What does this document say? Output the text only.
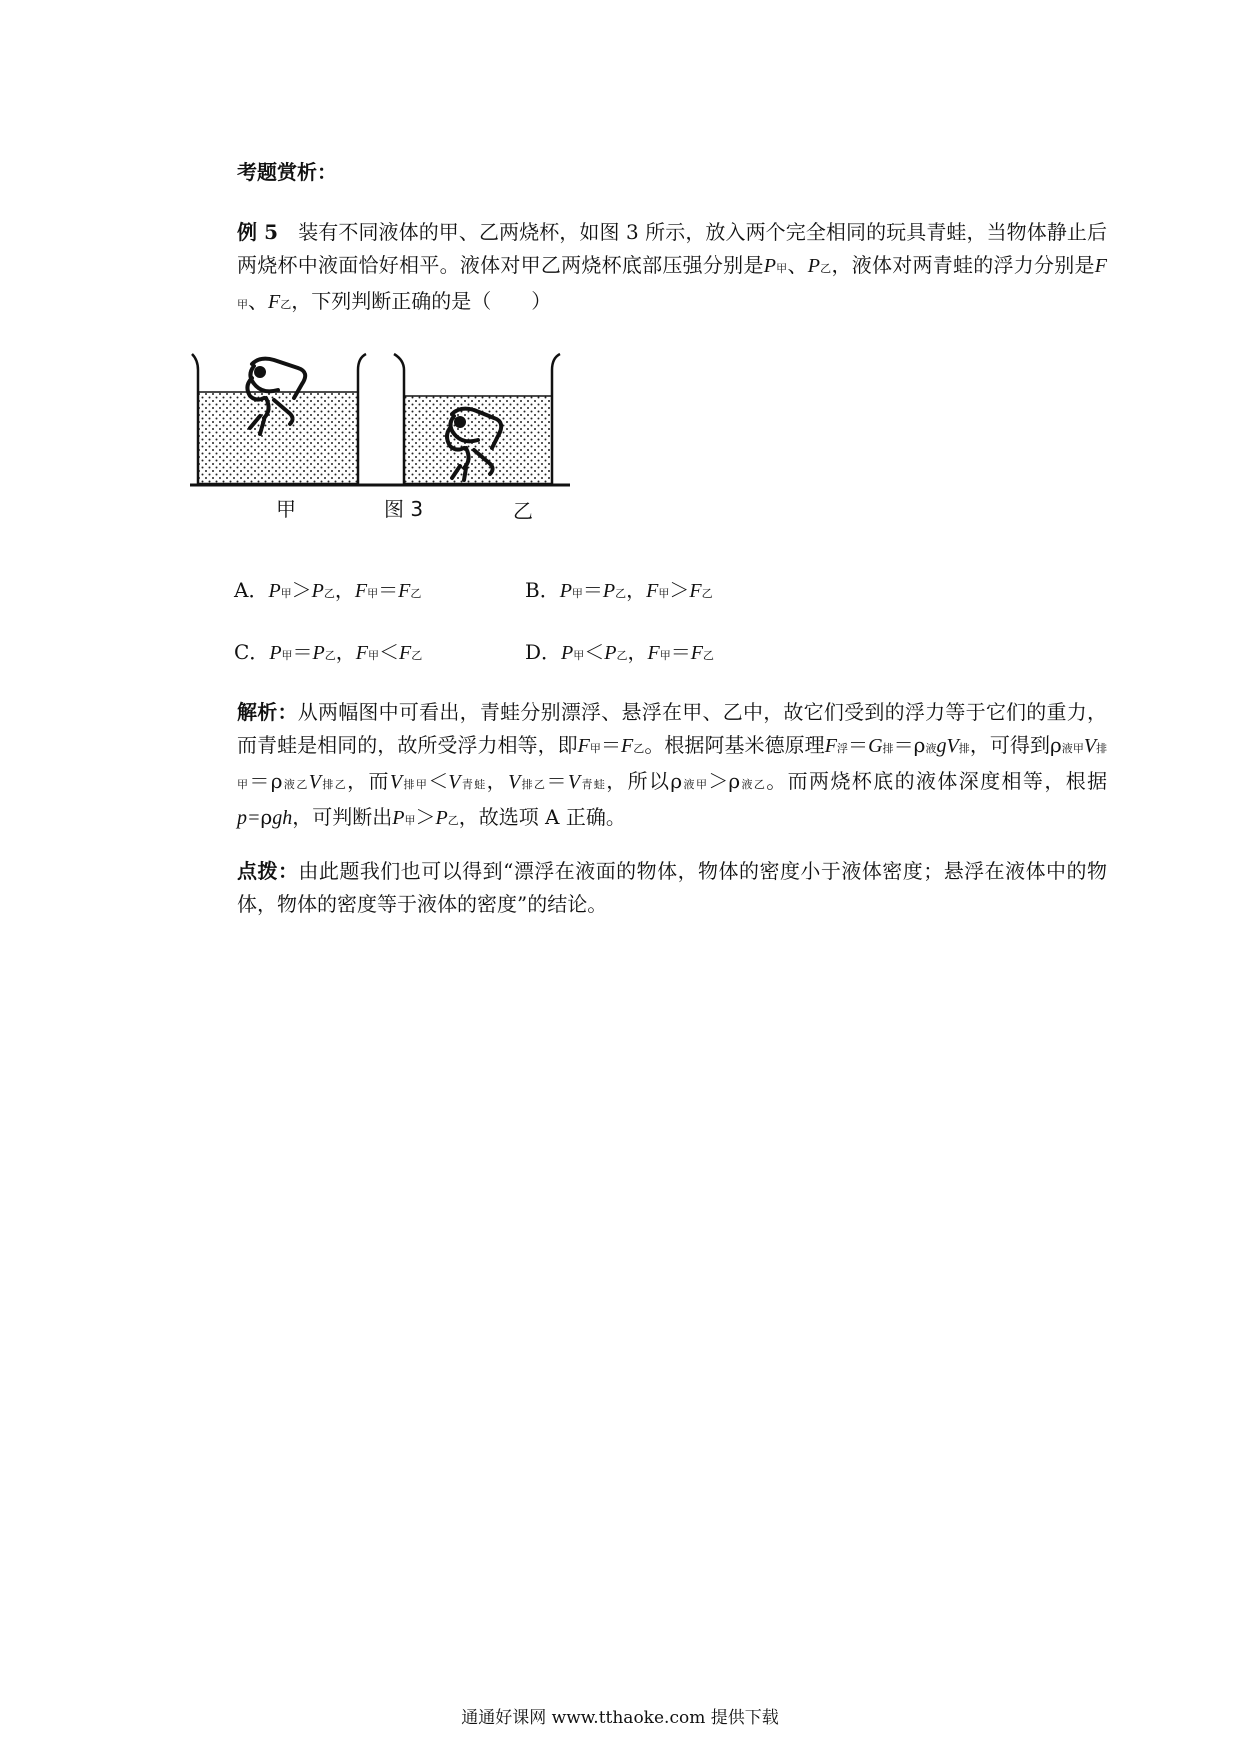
考题赏析：
例 5　 装有不同液体的甲、乙两烧杯，如图 3 所示，放入两个完全相同的玩具青蛙，当物体静止后两烧杯中液面恰好相平。液体对甲乙两烧杯底部压强分别是P甲、P乙，液体对两青蛙的浮力分别是F甲、F乙，下列判断正确的是（　　）
甲	图 3	乙
A．P甲＞P乙，F甲＝F乙	B．P甲＝P乙，F甲＞F乙
C．P甲＝P乙，F甲＜F乙	D．P甲＜P乙，F甲＝F乙
解析：从两幅图中可看出，青蛙分别漂浮、悬浮在甲、乙中，故它们受到的浮力等于它们的重力，而青蛙是相同的，故所受浮力相等，即F甲＝F乙。根据阿基米德原理F浮＝G排＝ρ液gV排，可得到ρ液甲V排甲＝ρ液乙V排乙，而V排甲＜V青蛙，V排乙＝V青蛙，所以ρ液甲＞ρ液乙。而两烧杯底的液体深度相等，根据p=ρgh，可判断出P甲＞P乙，故选项 A 正确。
点拨：由此题我们也可以得到“漂浮在液面的物体，物体的密度小于液体密度；悬浮在液体中的物体，物体的密度等于液体的密度”的结论。
通通好课网 www.tthaoke.com 提供下载
